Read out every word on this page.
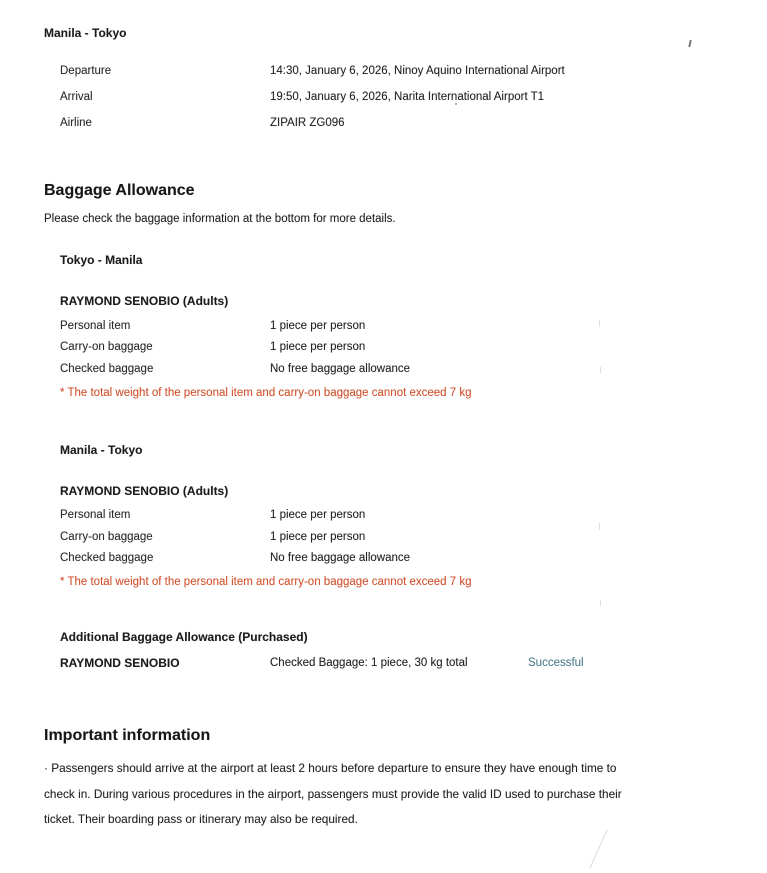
Manila - Tokyo
Departure	14:30, January 6, 2026, Ninoy Aquino International Airport
Arrival	19:50, January 6, 2026, Narita International Airport T1
Airline	ZIPAIR ZG096
Baggage Allowance
Please check the baggage information at the bottom for more details.
Tokyo - Manila
RAYMOND SENOBIO (Adults)
Personal item	1 piece per person
Carry-on baggage	1 piece per person
Checked baggage	No free baggage allowance
* The total weight of the personal item and carry-on baggage cannot exceed 7 kg
Manila - Tokyo
RAYMOND SENOBIO (Adults)
Personal item	1 piece per person
Carry-on baggage	1 piece per person
Checked baggage	No free baggage allowance
* The total weight of the personal item and carry-on baggage cannot exceed 7 kg
Additional Baggage Allowance (Purchased)
RAYMOND SENOBIO	Checked Baggage: 1 piece, 30 kg total	Successful
Important information
· Passengers should arrive at the airport at least 2 hours before departure to ensure they have enough time to check in. During various procedures in the airport, passengers must provide the valid ID used to purchase their ticket. Their boarding pass or itinerary may also be required.
